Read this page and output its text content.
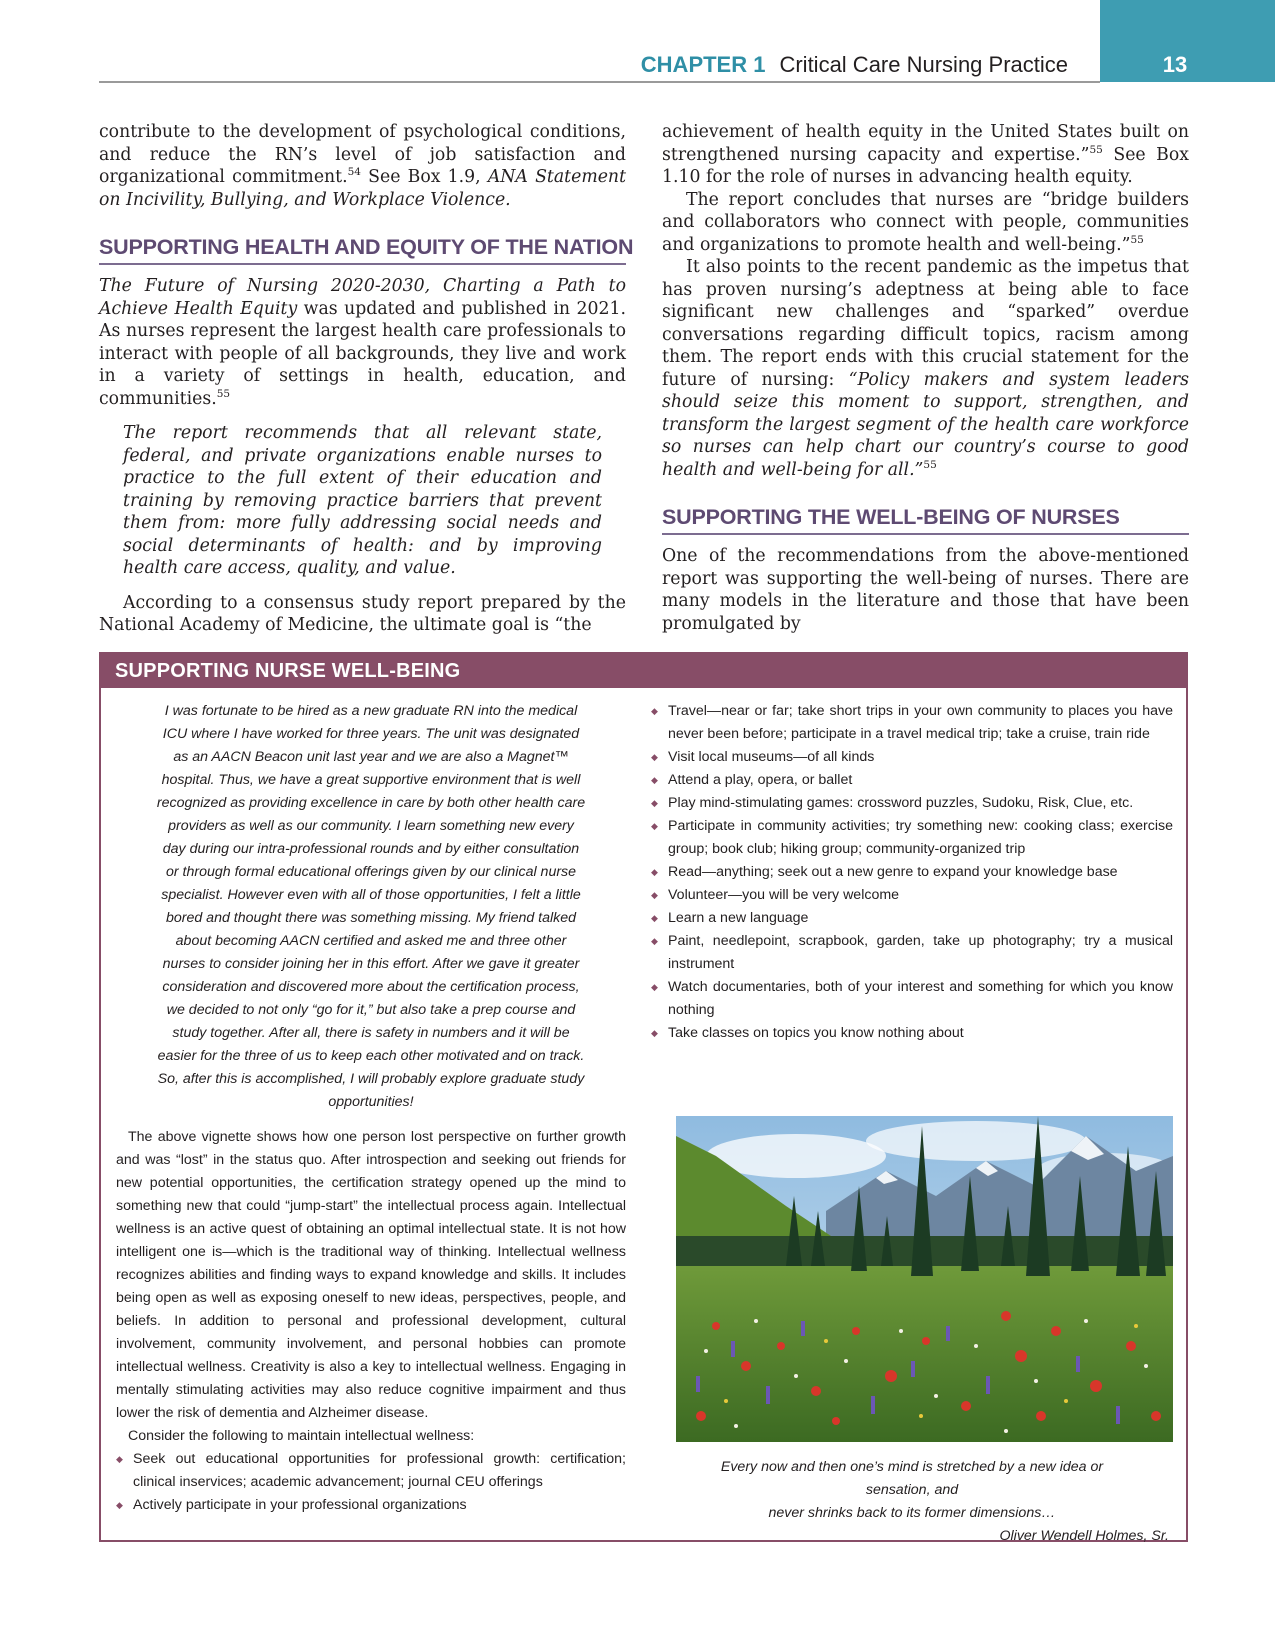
13
CHAPTER 1 Critical Care Nursing Practice

contribute to the development of psychological conditions, and reduce the RN’s level of job satisfaction and organizational commitment.$^{54}$ See Box 1.9, ANA Statement on Incivility, Bullying, and Workplace Violence.

SUPPORTING HEALTH AND EQUITY OF THE NATION

The Future of Nursing 2020-2030, Charting a Path to Achieve Health Equity was updated and published in 2021. As nurses represent the largest health care professionals to interact with people of all backgrounds, they live and work in a variety of settings in health, education, and communities.$^{55}$

The report recommends that all relevant state, federal, and private organizations enable nurses to practice to the full extent of their education and training by removing practice barriers that prevent them from: more fully addressing social needs and social determinants of health: and by improving health care access, quality, and value.

According to a consensus study report prepared by the National Academy of Medicine, the ultimate goal is “the

achievement of health equity in the United States built on strengthened nursing capacity and expertise.”$^{55}$ See Box 1.10 for the role of nurses in advancing health equity.

The report concludes that nurses are “bridge builders and collaborators who connect with people, communities and organizations to promote health and well-being.”$^{55}$

It also points to the recent pandemic as the impetus that has proven nursing’s adeptness at being able to face significant new challenges and “sparked” overdue conversations regarding difficult topics, racism among them. The report ends with this crucial statement for the future of nursing: “Policy makers and system leaders should seize this moment to support, strengthen, and transform the largest segment of the health care workforce so nurses can help chart our country’s course to good health and well-being for all.”$^{55}$

SUPPORTING THE WELL-BEING OF NURSES

One of the recommendations from the above-mentioned report was supporting the well-being of nurses. There are many models in the literature and those that have been promulgated by

SUPPORTING NURSE WELL-BEING

I was fortunate to be hired as a new graduate RN into the medical ICU where I have worked for three years. The unit was designated as an AACN Beacon unit last year and we are also a Magnet™ hospital. Thus, we have a great supportive environment that is well recognized as providing excellence in care by both other health care providers as well as our community. I learn something new every day during our intra-professional rounds and by either consultation or through formal educational offerings given by our clinical nurse specialist. However even with all of those opportunities, I felt a little bored and thought there was something missing. My friend talked about becoming AACN certified and asked me and three other nurses to consider joining her in this effort. After we gave it greater consideration and discovered more about the certification process, we decided to not only “go for it,” but also take a prep course and study together. After all, there is safety in numbers and it will be easier for the three of us to keep each other motivated and on track. So, after this is accomplished, I will probably explore graduate study opportunities!

The above vignette shows how one person lost perspective on further growth and was “lost” in the status quo. After introspection and seeking out friends for new potential opportunities, the certification strategy opened up the mind to something new that could “jump-start” the intellectual process again. Intellectual wellness is an active quest of obtaining an optimal intellectual state. It is not how intelligent one is—which is the traditional way of thinking. Intellectual wellness recognizes abilities and finding ways to expand knowledge and skills. It includes being open as well as exposing oneself to new ideas, perspectives, people, and beliefs. In addition to personal and professional development, cultural involvement, community involvement, and personal hobbies can promote intellectual wellness. Creativity is also a key to intellectual wellness. Engaging in mentally stimulating activities may also reduce cognitive impairment and thus lower the risk of dementia and Alzheimer disease.

Consider the following to maintain intellectual wellness:

◆ Seek out educational opportunities for professional growth: certification; clinical inservices; academic advancement; journal CEU offerings
◆ Actively participate in your professional organizations
◆ Travel—near or far; take short trips in your own community to places you have never been before; participate in a travel medical trip; take a cruise, train ride
◆ Visit local museums—of all kinds
◆ Attend a play, opera, or ballet
◆ Play mind-stimulating games: crossword puzzles, Sudoku, Risk, Clue, etc.
◆ Participate in community activities; try something new: cooking class; exercise group; book club; hiking group; community-organized trip
◆ Read—anything; seek out a new genre to expand your knowledge base
◆ Volunteer—you will be very welcome
◆ Learn a new language
◆ Paint, needlepoint, scrapbook, garden, take up photography; try a musical instrument
◆ Watch documentaries, both of your interest and something for which you know nothing
◆ Take classes on topics you know nothing about

Every now and then one’s mind is stretched by a new idea or

sensation, and

never shrinks back to its former dimensions…

Oliver Wendell Holmes, Sr.
